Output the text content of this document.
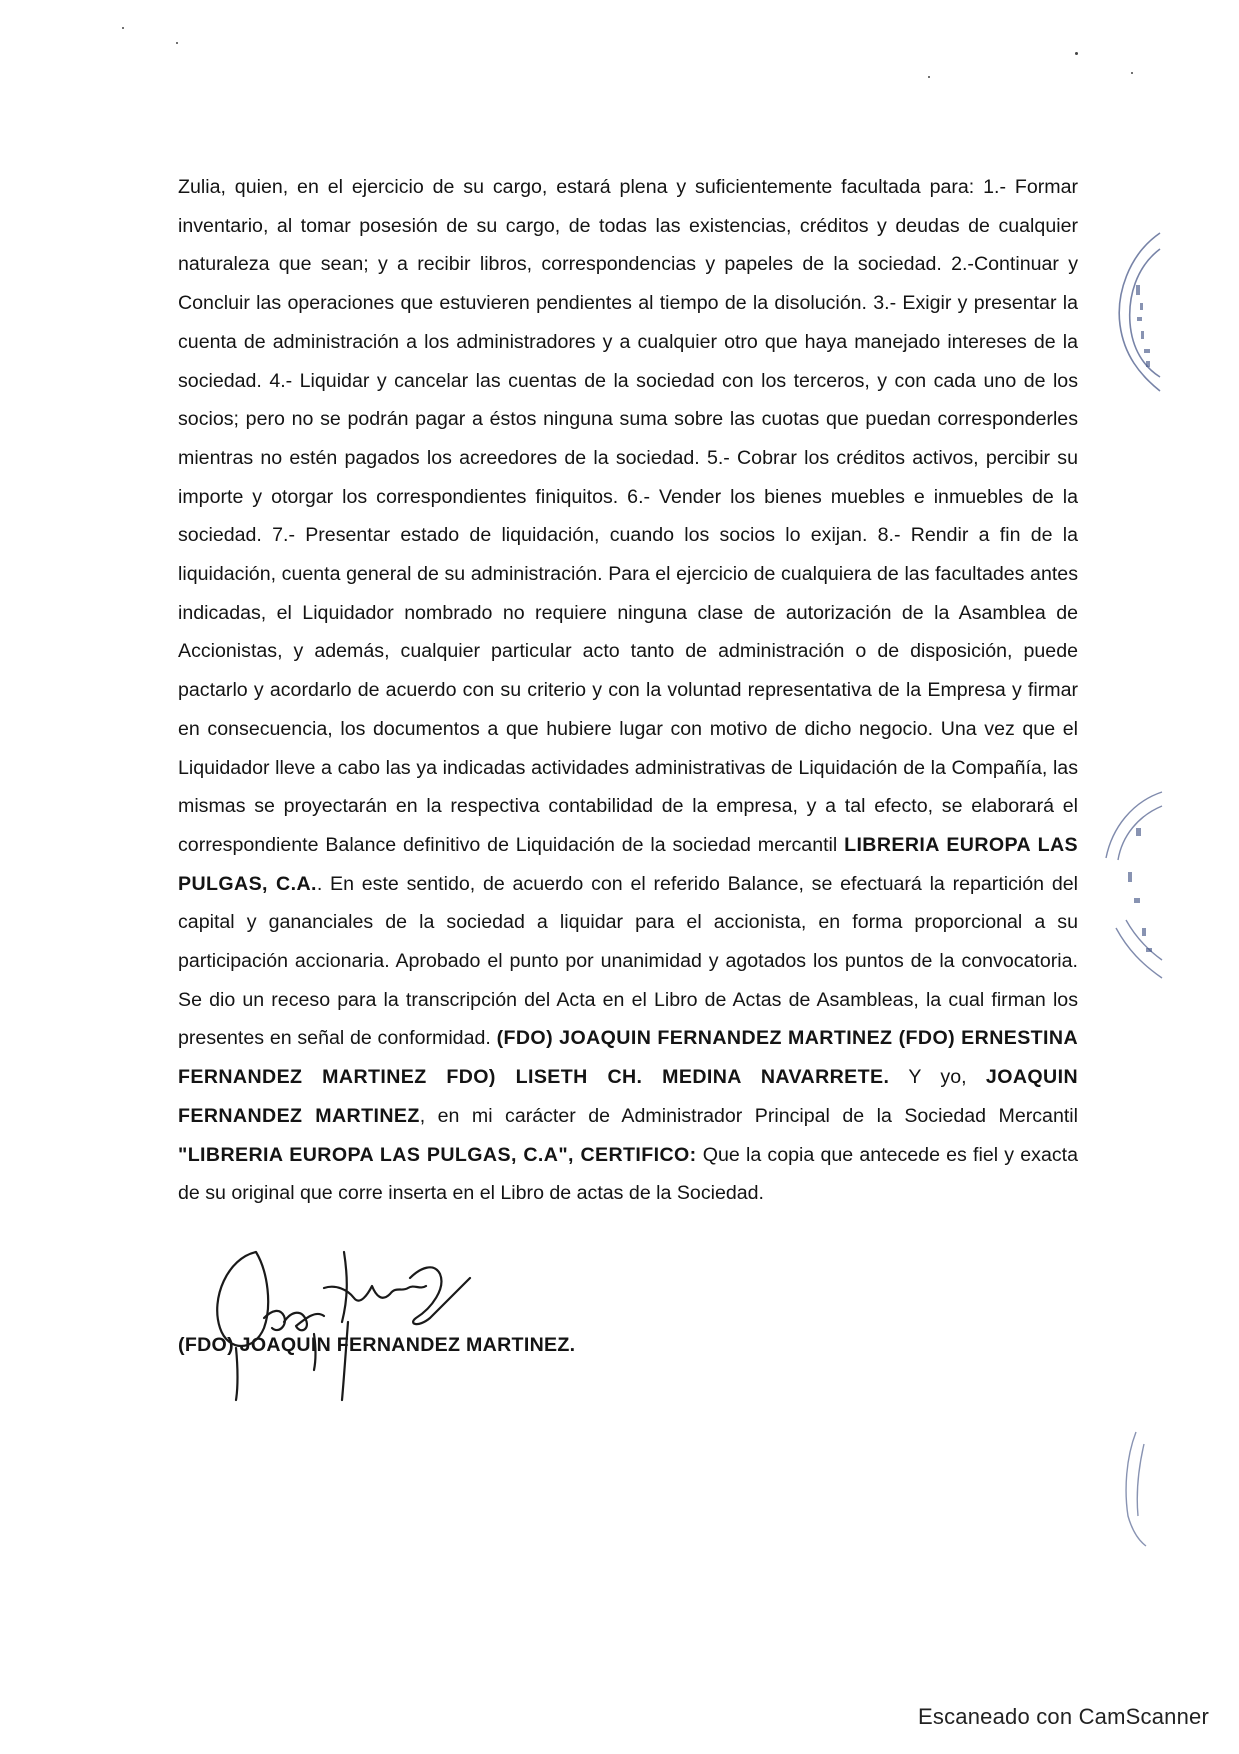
Zulia, quien, en el ejercicio de su cargo, estará plena y suficientemente facultada para: 1.- Formar inventario, al tomar posesión de su cargo, de todas las existencias, créditos y deudas de cualquier naturaleza que sean; y a recibir libros, correspondencias y papeles de la sociedad. 2.-Continuar y Concluir las operaciones que estuvieren pendientes al tiempo de la disolución. 3.- Exigir y presentar la cuenta de administración a los administradores y a cualquier otro que haya manejado intereses de la sociedad. 4.- Liquidar y cancelar las cuentas de la sociedad con los terceros, y con cada uno de los socios; pero no se podrán pagar a éstos ninguna suma sobre las cuotas que puedan corresponderles mientras no estén pagados los acreedores de la sociedad. 5.- Cobrar los créditos activos, percibir su importe y otorgar los correspondientes finiquitos. 6.- Vender los bienes muebles e inmuebles de la sociedad. 7.- Presentar estado de liquidación, cuando los socios lo exijan. 8.- Rendir a fin de la liquidación, cuenta general de su administración. Para el ejercicio de cualquiera de las facultades antes indicadas, el Liquidador nombrado no requiere ninguna clase de autorización de la Asamblea de Accionistas, y además, cualquier particular acto tanto de administración o de disposición, puede pactarlo y acordarlo de acuerdo con su criterio y con la voluntad representativa de la Empresa y firmar en consecuencia, los documentos a que hubiere lugar con motivo de dicho negocio. Una vez que el Liquidador lleve a cabo las ya indicadas actividades administrativas de Liquidación de la Compañía, las mismas se proyectarán en la respectiva contabilidad de la empresa, y a tal efecto, se elaborará el correspondiente Balance definitivo de Liquidación de la sociedad mercantil LIBRERIA EUROPA LAS PULGAS, C.A.. En este sentido, de acuerdo con el referido Balance, se efectuará la repartición del capital y gananciales de la sociedad a liquidar para el accionista, en forma proporcional a su participación accionaria. Aprobado el punto por unanimidad y agotados los puntos de la convocatoria. Se dio un receso para la transcripción del Acta en el Libro de Actas de Asambleas, la cual firman los presentes en señal de conformidad. (FDO) JOAQUIN FERNANDEZ MARTINEZ (FDO) ERNESTINA FERNANDEZ MARTINEZ FDO) LISETH CH. MEDINA NAVARRETE. Y yo, JOAQUIN FERNANDEZ MARTINEZ, en mi carácter de Administrador Principal de la Sociedad Mercantil "LIBRERIA EUROPA LAS PULGAS, C.A", CERTIFICO: Que la copia que antecede es fiel y exacta de su original que corre inserta en el Libro de actas de la Sociedad.

(FDO) JOAQUIN FERNANDEZ MARTINEZ.
Escaneado con CamScanner
